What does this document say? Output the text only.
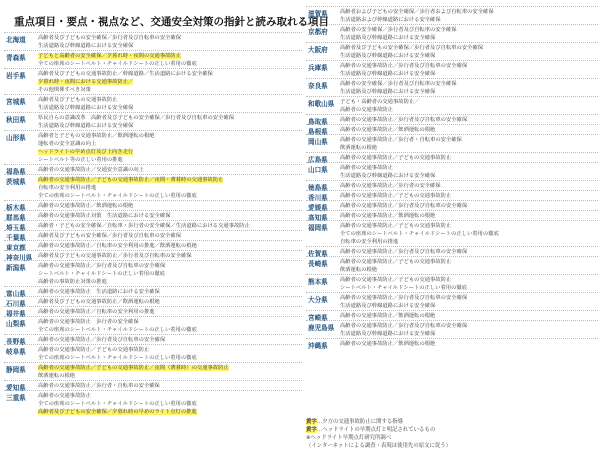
重点項目・要点・視点など、交通安全対策の指針と読み取れる項目
北海道 高齢者及び子どもの安全確保／歩行者及び自転車の安全確保
生活道路及び幹線道路における安全確保
青森県 子どもと高齢者の安全確保／夕暮れ時・夜間の交通事故防止
全ての座席のシートベルト・チャイルドシートの正しい着用の徹底
岩手県 高齢者及び子どもの交通事故防止／幹線道路／生活道路における安全確保
夕暮れ時・夜間における交通事故防止／
その他関係すべき対策
宮城県 高齢者及び子どもの交通事故防止
生活道路及び幹線道路における安全確保
秋田県 県民自らの意識改革　高齢者及び子どもの安全確保／歩行者及び自転車の安全確保
生活道路及び幹線道路における安全確保
山形県 高齢者と子どもの交通事故防止／飲酒運転の根絶
運転者の安全意識の向上
ヘッドライトの早め点灯及び上向き走行
シートベルト等の正しい着用の推進
福島県 高齢者の交通事故防止／交通安全意識の向上
茨城県 高齢者の交通事故防止／子どもの交通事故防止／夜間・薄暮時の交通事故防止
自転車の安全利用の推進
全ての座席のシートベルト・チャイルドシートの正しい着用の徹底
栃木県 高齢者の交通事故防止／飲酒運転の根絶
群馬県 高齢者の交通事故防止対策　生活道路における安全確保
埼玉県 高齢者・子どもの安全確保／自転車・歩行者の安全確保／生活道路における交通事故防止
千葉県 高齢者及び子どもの安全確保／歩行者及び自転車の安全確保
東京都 高齢者の交通事故防止／自転車の安全利用の推進／飲酒運転の根絶
神奈川県 高齢者及び子どもの交通事故防止／歩行者及び自転車の安全確保
新潟県 高齢者の交通事故防止／歩行者及び自転車の安全確保
シートベルト・チャイルドシートの正しい着用の徹底
高齢者の事故防止対策の推進
富山県 高齢者の交通事故防止　生活道路における安全確保
石川県 高齢者及び子どもの交通事故防止／飲酒運転の根絶
福井県 高齢者の交通事故防止／自転車の安全利用の推進
山梨県 高齢者の交通事故防止　歩行者の安全確保
全ての座席のシートベルト・チャイルドシートの正しい着用の徹底
長野県 高齢者の交通事故防止／歩行者及び自転車の安全確保
岐阜県 高齢者の交通事故防止／子どもの交通事故防止
全ての座席のシートベルト・チャイルドシートの正しい着用の徹底
静岡県 高齢者の交通事故防止／子どもの交通事故防止／夜間（薄暮時）の交通事故防止
飲酒運転の根絶
愛知県 高齢者の交通事故防止／歩行者・自転車の安全確保
三重県 高齢者の交通事故防止
全ての座席のシートベルト・チャイルドシートの正しい着用の徹底
高齢者及び子どもの安全確保／夕暮れ時の早めのライト点灯の推進
滋賀県 高齢者および子どもの安全確保／歩行者および自転車の安全確保
生活道路および幹線道路における安全確保
京都府 高齢者の安全確保／歩行者及び自転車の安全確保
生活道路及び幹線道路における安全確保
大阪府 高齢者及び子どもの安全確保／歩行者及び自転車の安全確保
生活道路及び幹線道路における安全確保
兵庫県 高齢者の交通事故防止／歩行者及び自転車の安全確保
生活道路及び幹線道路における安全確保
奈良県 高齢者の安全確保／歩行者及び自転車の安全確保
生活道路及び幹線道路における安全確保
和歌山県 子ども・高齢者の交通事故防止／
高齢者の交通事故防止
鳥取県 高齢者の交通事故防止／歩行者及び自転車の安全確保
島根県 高齢者の交通事故防止／飲酒運転の根絶
岡山県 高齢者の交通事故防止／歩行者・自転車の安全確保
飲酒運転の根絶
広島県 高齢者の交通事故防止／子どもの交通事故防止
山口県 高齢者の交通事故防止
生活道路及び幹線道路における安全確保
徳島県 高齢者の交通事故防止／歩行者の安全確保
香川県 高齢者の交通事故防止／子どもの交通事故防止
愛媛県 高齢者の交通事故防止／歩行者及び自転車の安全確保
高知県 高齢者の交通事故防止／飲酒運転の根絶
福岡県 高齢者の交通事故防止／子どもの交通事故防止
全ての座席のシートベルト・チャイルドシートの正しい着用の徹底
自転車の安全利用の推進
佐賀県 高齢者の交通事故防止／歩行者及び自転車の安全確保
長崎県 高齢者の交通事故防止／子どもの交通事故防止
飲酒運転の根絶
熊本県 高齢者の交通事故防止／子どもの交通事故防止
シートベルト・チャイルドシートの正しい着用の徹底
大分県 高齢者の交通事故防止／歩行者及び自転車の安全確保
生活道路及び幹線道路における安全確保
宮崎県 高齢者の交通事故防止／飲酒運転の根絶
鹿児島県 高齢者の交通事故防止／歩行者及び自転車の安全確保
生活道路及び幹線道路における安全確保
沖縄県 高齢者の交通事故防止／飲酒運転の根絶
黄字…夕方の交通事故防止に関する指導
黄字…ヘッドライトの早期点灯と明記されているもの
※ヘッドライト早期点灯研究所調べ
（インターネットによる調査・表現は使用先の原文に従う）
